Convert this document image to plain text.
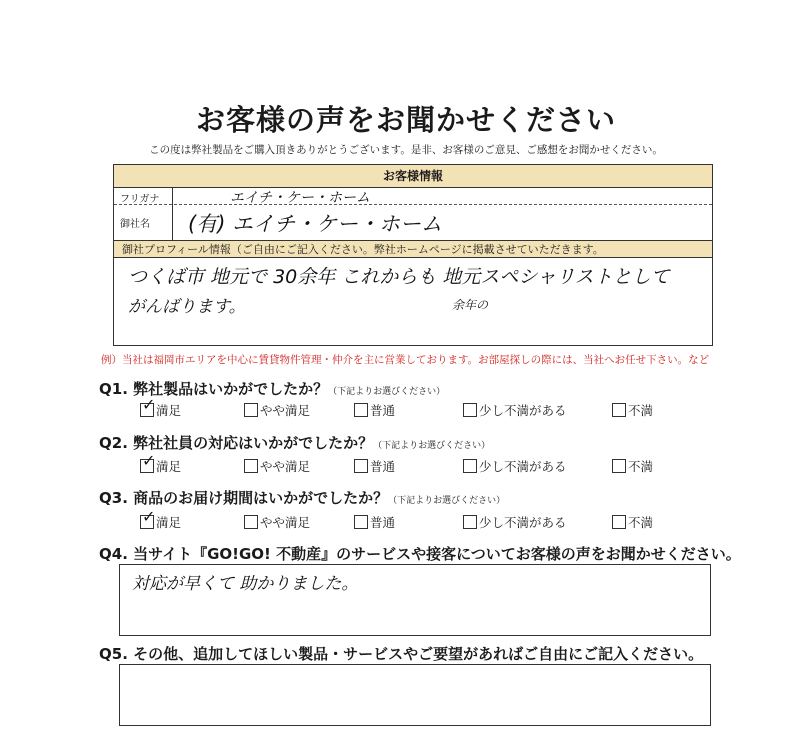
お客様の声をお聞かせください
この度は弊社製品をご購入頂きありがとうございます。是非、お客様のご意見、ご感想をお聞かせください。
お客様情報
フリガナ	エイチ・ケー・ホーム
御社名	(有) エイチ・ケー・ホーム
御社プロフィール情報（ご自由にご記入ください。弊社ホームページに掲載させていただきます。
つくば市 地元で 30余年 これからも 地元スペシャリストとして
がんばります。	余年の
例）当社は福岡市エリアを中心に賃貸物件管理・仲介を主に営業しております。お部屋探しの際には、当社へお任せ下さい。など
Q1. 弊社製品はいかがでしたか？（下記よりお選びください）
✓ 満足	やや満足	普通	少し不満がある	不満
Q2. 弊社社員の対応はいかがでしたか？（下記よりお選びください）
✓ 満足	やや満足	普通	少し不満がある	不満
Q3. 商品のお届け期間はいかがでしたか？（下記よりお選びください）
✓ 満足	やや満足	普通	少し不満がある	不満
Q4. 当サイト『GO!GO! 不動産』のサービスや接客についてお客様の声をお聞かせください。
対応が早くて 助かりました。
Q5. その他、追加してほしい製品・サービスやご要望があればご自由にご記入ください。
